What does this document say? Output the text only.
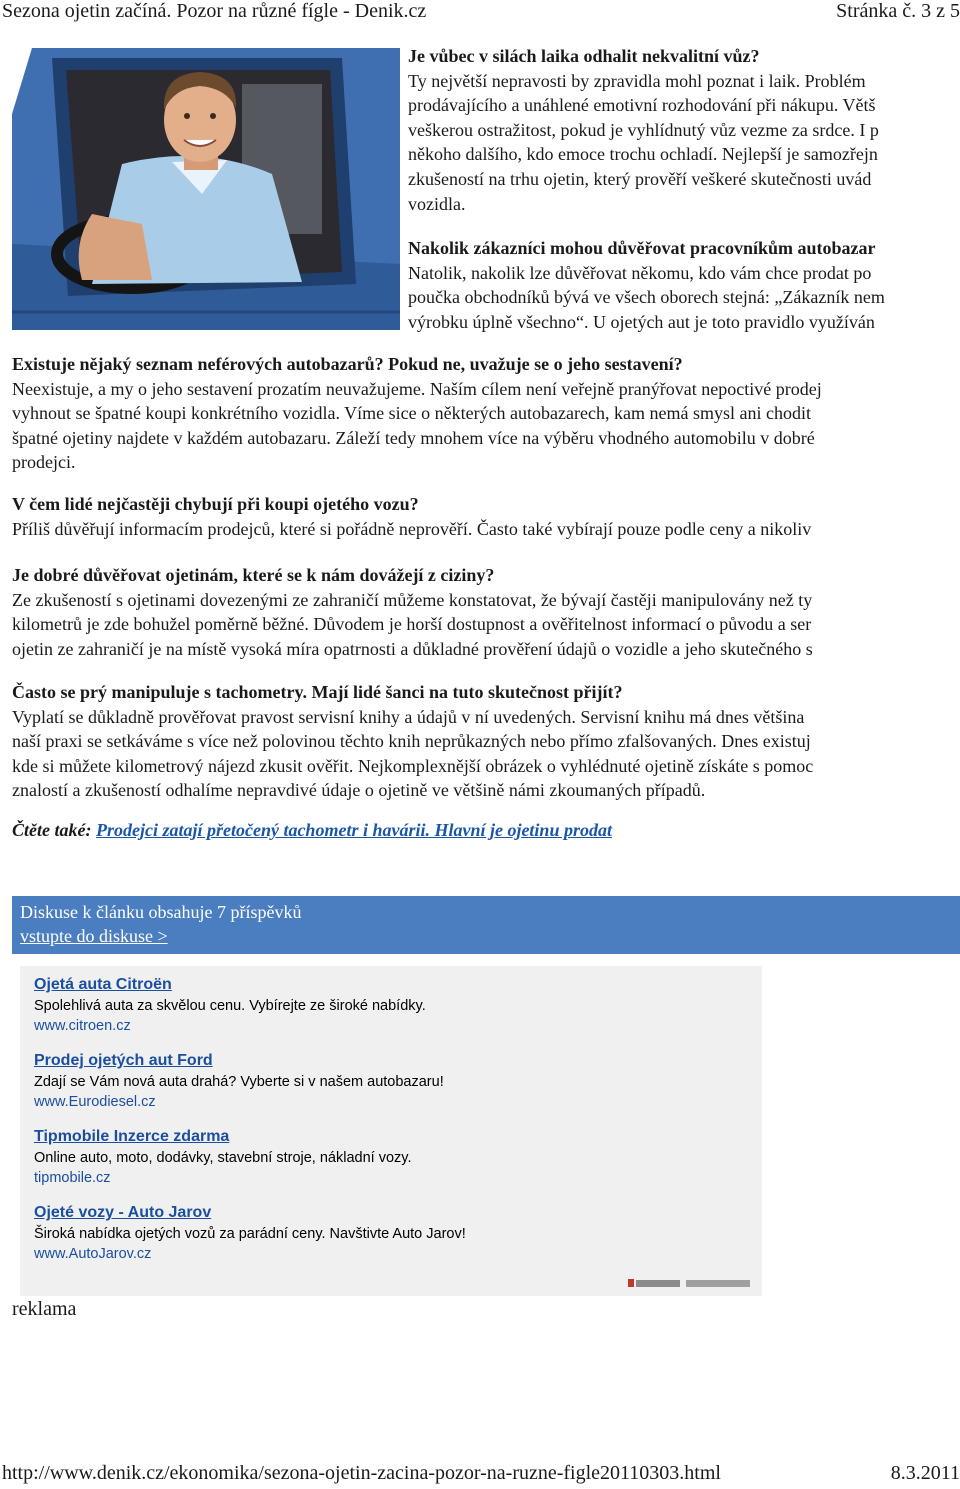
Sezona ojetin začíná. Pozor na různé fígle - Denik.cz	Stránka č. 3 z 5

Je vůbec v silách laika odhalit nekvalitní vůz?

Ty největší nepravosti by zpravidla mohl poznat i laik. Problém

prodávajícího a unáhlené emotivní rozhodování při nákupu. Větš

veškerou ostražitost, pokud je vyhlídnutý vůz vezme za srdce. I p

někoho dalšího, kdo emoce trochu ochladí. Nejlepší je samozřejn

zkušeností na trhu ojetin, který prověří veškeré skutečnosti uvád

vozidla.

Nakolik zákazníci mohou důvěřovat pracovníkům autobazar

Natolik, nakolik lze důvěřovat někomu, kdo vám chce prodat po

poučka obchodníků bývá ve všech oborech stejná: „Zákazník nem

výrobku úplně všechno“. U ojetých aut je toto pravidlo využíván

Existuje nějaký seznam neférových autobazarů? Pokud ne, uvažuje se o jeho sestavení?

Neexistuje, a my o jeho sestavení prozatím neuvažujeme. Naším cílem není veřejně pranýřovat nepoctivé prodej

vyhnout se špatné koupi konkrétního vozidla. Víme sice o některých autobazarech, kam nemá smysl ani chodit

špatné ojetiny najdete v každém autobazaru. Záleží tedy mnohem více na výběru vhodného automobilu v dobré

prodejci.

V čem lidé nejčastěji chybují při koupi ojetého vozu?

Příliš důvěřují informacím prodejců, které si pořádně neprověří. Často také vybírají pouze podle ceny a nikoliv

Je dobré důvěřovat ojetinám, které se k nám dovážejí z ciziny?

Ze zkušeností s ojetinami dovezenými ze zahraničí můžeme konstatovat, že bývají častěji manipulovány než ty

kilometrů je zde bohužel poměrně běžné. Důvodem je horší dostupnost a ověřitelnost informací o původu a ser

ojetin ze zahraničí je na místě vysoká míra opatrnosti a důkladné prověření údajů o vozidle a jeho skutečného s

Často se prý manipuluje s tachometry. Mají lidé šanci na tuto skutečnost přijít?

Vyplatí se důkladně prověřovat pravost servisní knihy a údajů v ní uvedených. Servisní knihu má dnes většina

naší praxi se setkáváme s více než polovinou těchto knih neprůkazných nebo přímo zfalšovaných. Dnes existuj

kde si můžete kilometrový nájezd zkusit ověřit. Nejkomplexnější obrázek o vyhlédnuté ojetině získáte s pomoc

znalostí a zkušeností odhalíme nepravdivé údaje o ojetině ve většině námi zkoumaných případů.

Čtěte také: Prodejci zatají přetočený tachometr i havárii. Hlavní je ojetinu prodat
Diskuse k článku obsahuje 7 příspěvků
vstupte do diskuse >
Ojetá auta Citroën
Spolehlivá auta za skvělou cenu. Vybírejte ze široké nabídky.
www.citroen.cz
Prodej ojetých aut Ford
Zdají se Vám nová auta drahá? Vyberte si v našem autobazaru!
www.Eurodiesel.cz
Tipmobile Inzerce zdarma
Online auto, moto, dodávky, stavební stroje, nákladní vozy.
tipmobile.cz
Ojeté vozy - Auto Jarov
Široká nabídka ojetých vozů za parádní ceny. Navštivte Auto Jarov!
www.AutoJarov.cz
reklama
http://www.denik.cz/ekonomika/sezona-ojetin-zacina-pozor-na-ruzne-figle20110303.html	8.3.2011
